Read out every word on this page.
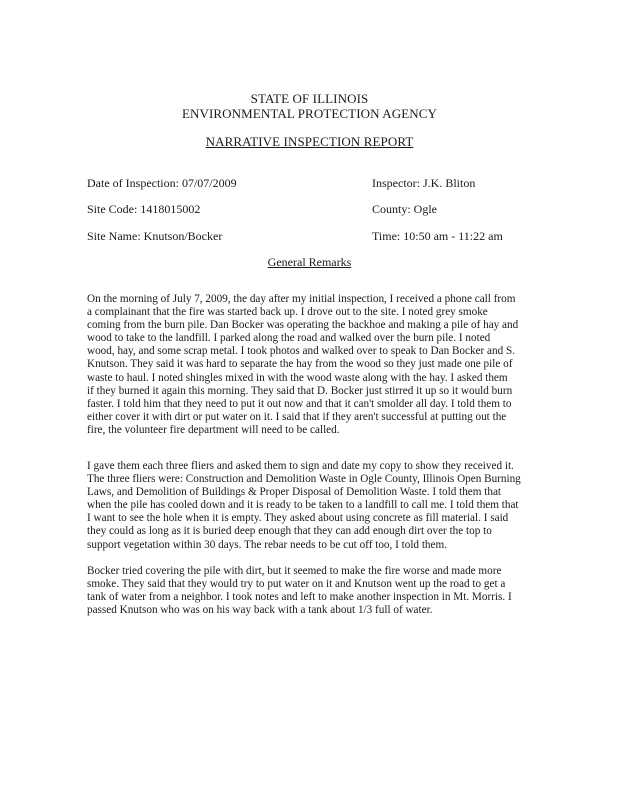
STATE OF ILLINOIS
ENVIRONMENTAL PROTECTION AGENCY
NARRATIVE INSPECTION REPORT
Date of Inspection: 07/07/2009	Inspector: J.K. Bliton
Site Code: 1418015002	County: Ogle
Site Name: Knutson/Bocker	Time: 10:50 am - 11:22 am
General Remarks
On the morning of July 7, 2009, the day after my initial inspection, I received a phone call from
a complainant that the fire was started back up. I drove out to the site. I noted grey smoke
coming from the burn pile. Dan Bocker was operating the backhoe and making a pile of hay and
wood to take to the landfill. I parked along the road and walked over the burn pile. I noted
wood, hay, and some scrap metal. I took photos and walked over to speak to Dan Bocker and S.
Knutson. They said it was hard to separate the hay from the wood so they just made one pile of
waste to haul. I noted shingles mixed in with the wood waste along with the hay. I asked them
if they burned it again this morning. They said that D. Bocker just stirred it up so it would burn
faster. I told him that they need to put it out now and that it can't smolder all day. I told them to
either cover it with dirt or put water on it. I said that if they aren't successful at putting out the
fire, the volunteer fire department will need to be called.
I gave them each three fliers and asked them to sign and date my copy to show they received it.
The three fliers were: Construction and Demolition Waste in Ogle County, Illinois Open Burning
Laws, and Demolition of Buildings & Proper Disposal of Demolition Waste. I told them that
when the pile has cooled down and it is ready to be taken to a landfill to call me. I told them that
I want to see the hole when it is empty. They asked about using concrete as fill material. I said
they could as long as it is buried deep enough that they can add enough dirt over the top to
support vegetation within 30 days. The rebar needs to be cut off too, I told them.
Bocker tried covering the pile with dirt, but it seemed to make the fire worse and made more
smoke. They said that they would try to put water on it and Knutson went up the road to get a
tank of water from a neighbor. I took notes and left to make another inspection in Mt. Morris. I
passed Knutson who was on his way back with a tank about 1/3 full of water.
